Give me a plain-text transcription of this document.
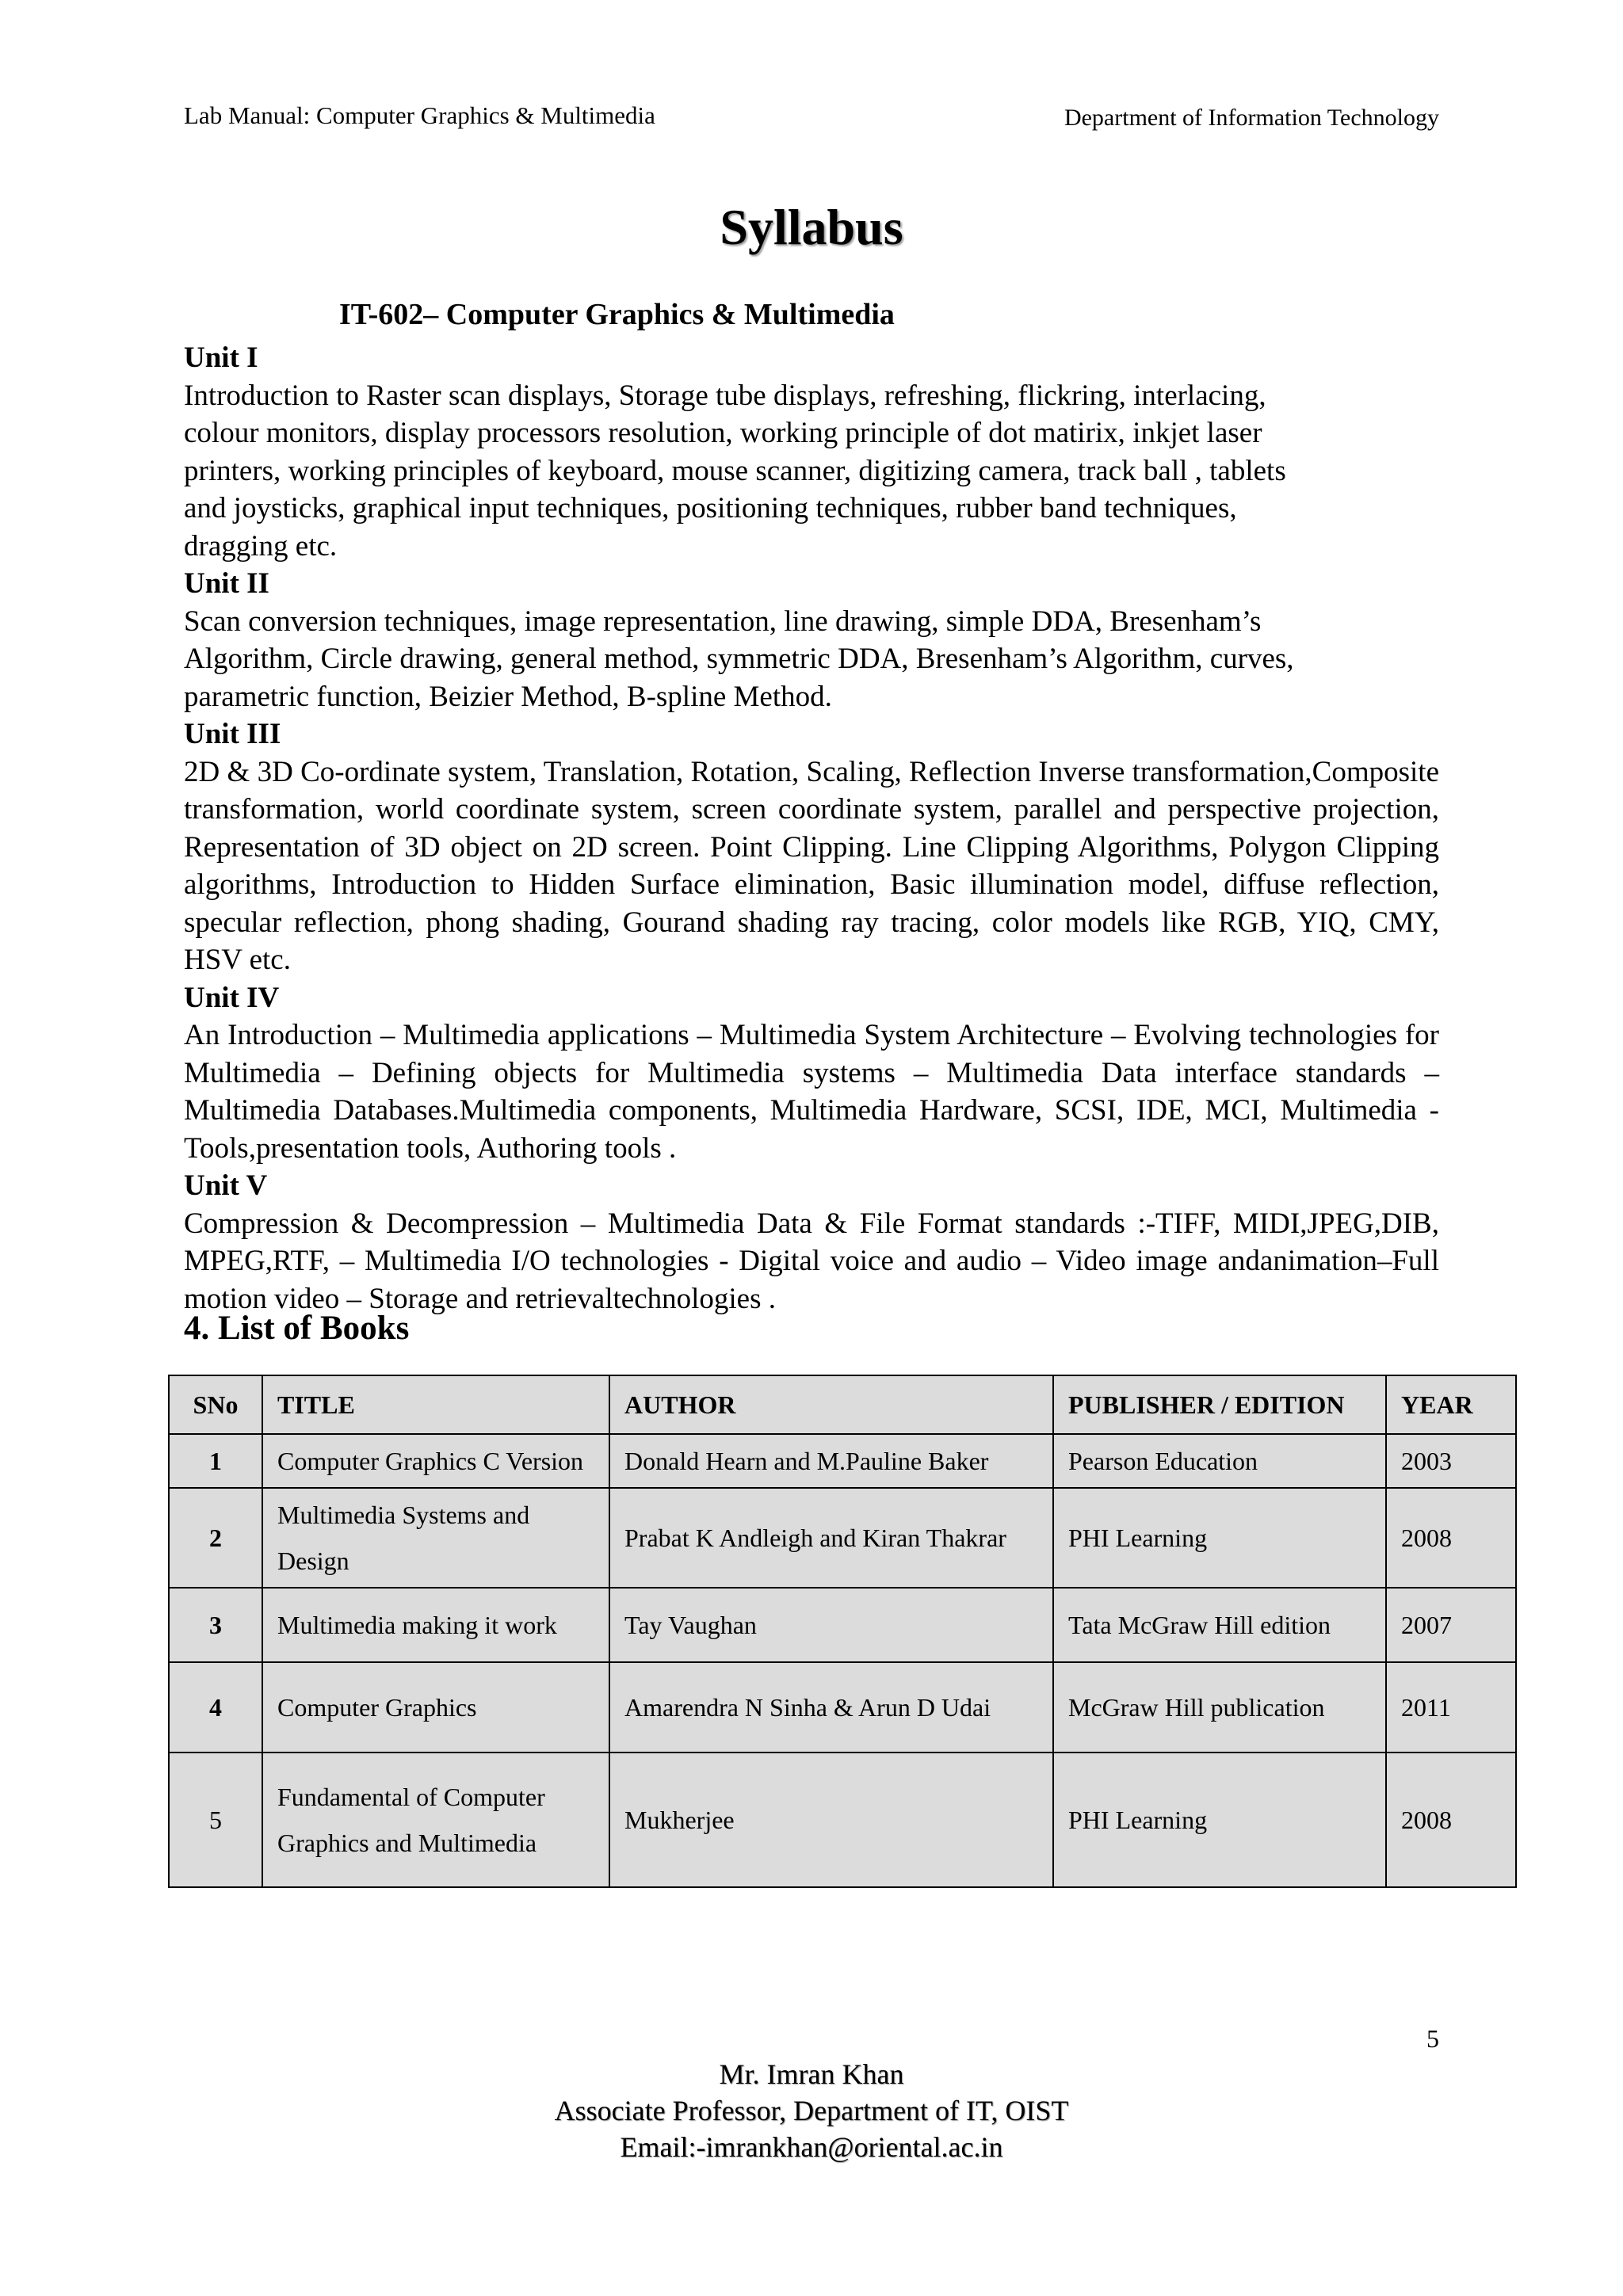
Lab Manual: Computer Graphics & Multimedia	Department of Information Technology
Syllabus
IT-602– Computer Graphics & Multimedia
Unit I
Introduction to Raster scan displays, Storage tube displays, refreshing, flickring, interlacing,
colour monitors, display processors resolution, working principle of dot matirix, inkjet laser
printers, working principles of keyboard, mouse scanner, digitizing camera, track ball , tablets
and joysticks, graphical input techniques, positioning techniques, rubber band techniques,
dragging etc.
Unit II
Scan conversion techniques, image representation, line drawing, simple DDA, Bresenham’s
Algorithm, Circle drawing, general method, symmetric DDA, Bresenham’s Algorithm, curves,
parametric function, Beizier Method, B-spline Method.
Unit III
2D & 3D Co-ordinate system, Translation, Rotation, Scaling, Reflection Inverse transformation,Composite transformation, world coordinate system, screen coordinate system, parallel and perspective projection, Representation of 3D object on 2D screen. Point Clipping. Line Clipping Algorithms, Polygon Clipping algorithms, Introduction to Hidden Surface elimination, Basic illumination model, diffuse reflection, specular reflection, phong shading, Gourand shading ray tracing, color models like RGB, YIQ, CMY, HSV etc.
Unit IV
An Introduction – Multimedia applications – Multimedia System Architecture – Evolving technologies for Multimedia – Defining objects for Multimedia systems – Multimedia Data interface standards – Multimedia Databases.Multimedia components, Multimedia Hardware, SCSI, IDE, MCI, Multimedia -Tools,presentation tools, Authoring tools .
Unit V
Compression & Decompression – Multimedia Data & File Format standards :-TIFF, MIDI,JPEG,DIB, MPEG,RTF, – Multimedia I/O technologies - Digital voice and audio – Video image andanimation–Full motion video – Storage and retrievaltechnologies .
4. List of Books
SNo	TITLE	AUTHOR	PUBLISHER / EDITION	YEAR
1	Computer Graphics C Version	Donald Hearn and M.Pauline Baker	Pearson Education	2003
2	Multimedia Systems and Design	Prabat K Andleigh and Kiran Thakrar	PHI Learning	2008
3	Multimedia making it work	Tay Vaughan	Tata McGraw Hill edition	2007
4	Computer Graphics	Amarendra N Sinha & Arun D Udai	McGraw Hill publication	2011
5	Fundamental of Computer Graphics and Multimedia	Mukherjee	PHI Learning	2008
5
Mr. Imran Khan
Associate Professor, Department of IT, OIST
Email:-imrankhan@oriental.ac.in
